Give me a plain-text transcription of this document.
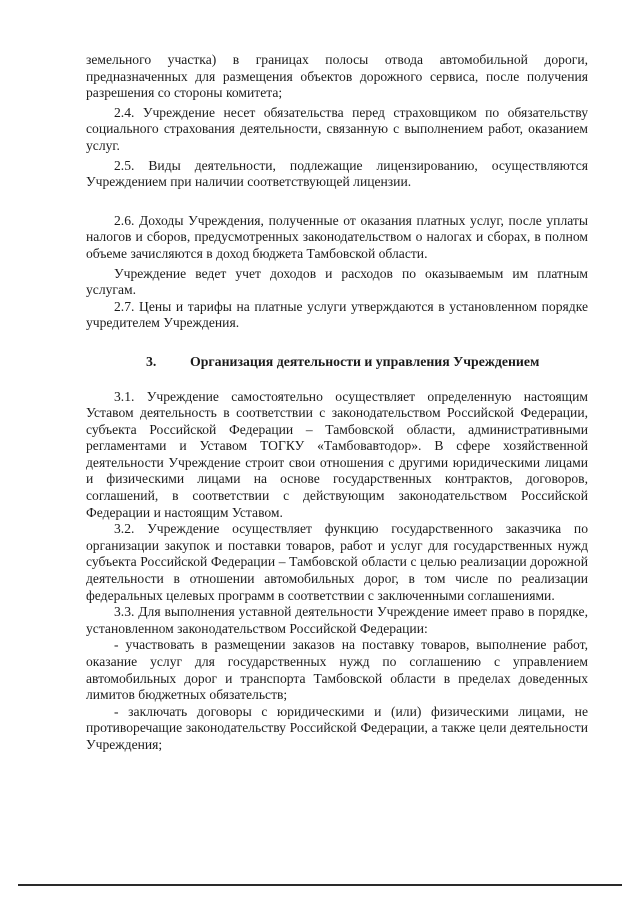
земельного участка) в границах полосы отвода автомобильной дороги, предназначенных для размещения объектов дорожного сервиса, после получения разрешения со стороны комитета;

2.4. Учреждение несет обязательства перед страховщиком по обязательству социального страхования деятельности, связанную с выполнением работ, оказанием услуг.

2.5. Виды деятельности, подлежащие лицензированию, осуществляются Учреждением при наличии соответствующей лицензии.

2.6. Доходы Учреждения, полученные от оказания платных услуг, после уплаты налогов и сборов, предусмотренных законодательством о налогах и сборах, в полном объеме зачисляются в доход бюджета Тамбовской области.

Учреждение ведет учет доходов и расходов по оказываемым им платным услугам.

2.7. Цены и тарифы на платные услуги утверждаются в установленном порядке учредителем Учреждения.

3. Организация деятельности и управления Учреждением

3.1. Учреждение самостоятельно осуществляет определенную настоящим Уставом деятельность в соответствии с законодательством Российской Федерации, субъекта Российской Федерации – Тамбовской области, административными регламентами и Уставом ТОГКУ «Тамбовавтодор». В сфере хозяйственной деятельности Учреждение строит свои отношения с другими юридическими лицами и физическими лицами на основе государственных контрактов, договоров, соглашений, в соответствии с действующим законодательством Российской Федерации и настоящим Уставом.

3.2. Учреждение осуществляет функцию государственного заказчика по организации закупок и поставки товаров, работ и услуг для государственных нужд субъекта Российской Федерации – Тамбовской области с целью реализации дорожной деятельности в отношении автомобильных дорог, в том числе по реализации федеральных целевых программ в соответствии с заключенными соглашениями.

3.3. Для выполнения уставной деятельности Учреждение имеет право в порядке, установленном законодательством Российской Федерации:

- участвовать в размещении заказов на поставку товаров, выполнение работ, оказание услуг для государственных нужд по соглашению с управлением автомобильных дорог и транспорта Тамбовской области в пределах доведенных лимитов бюджетных обязательств;

- заключать договоры с юридическими и (или) физическими лицами, не противоречащие законодательству Российской Федерации, а также цели деятельности Учреждения;
